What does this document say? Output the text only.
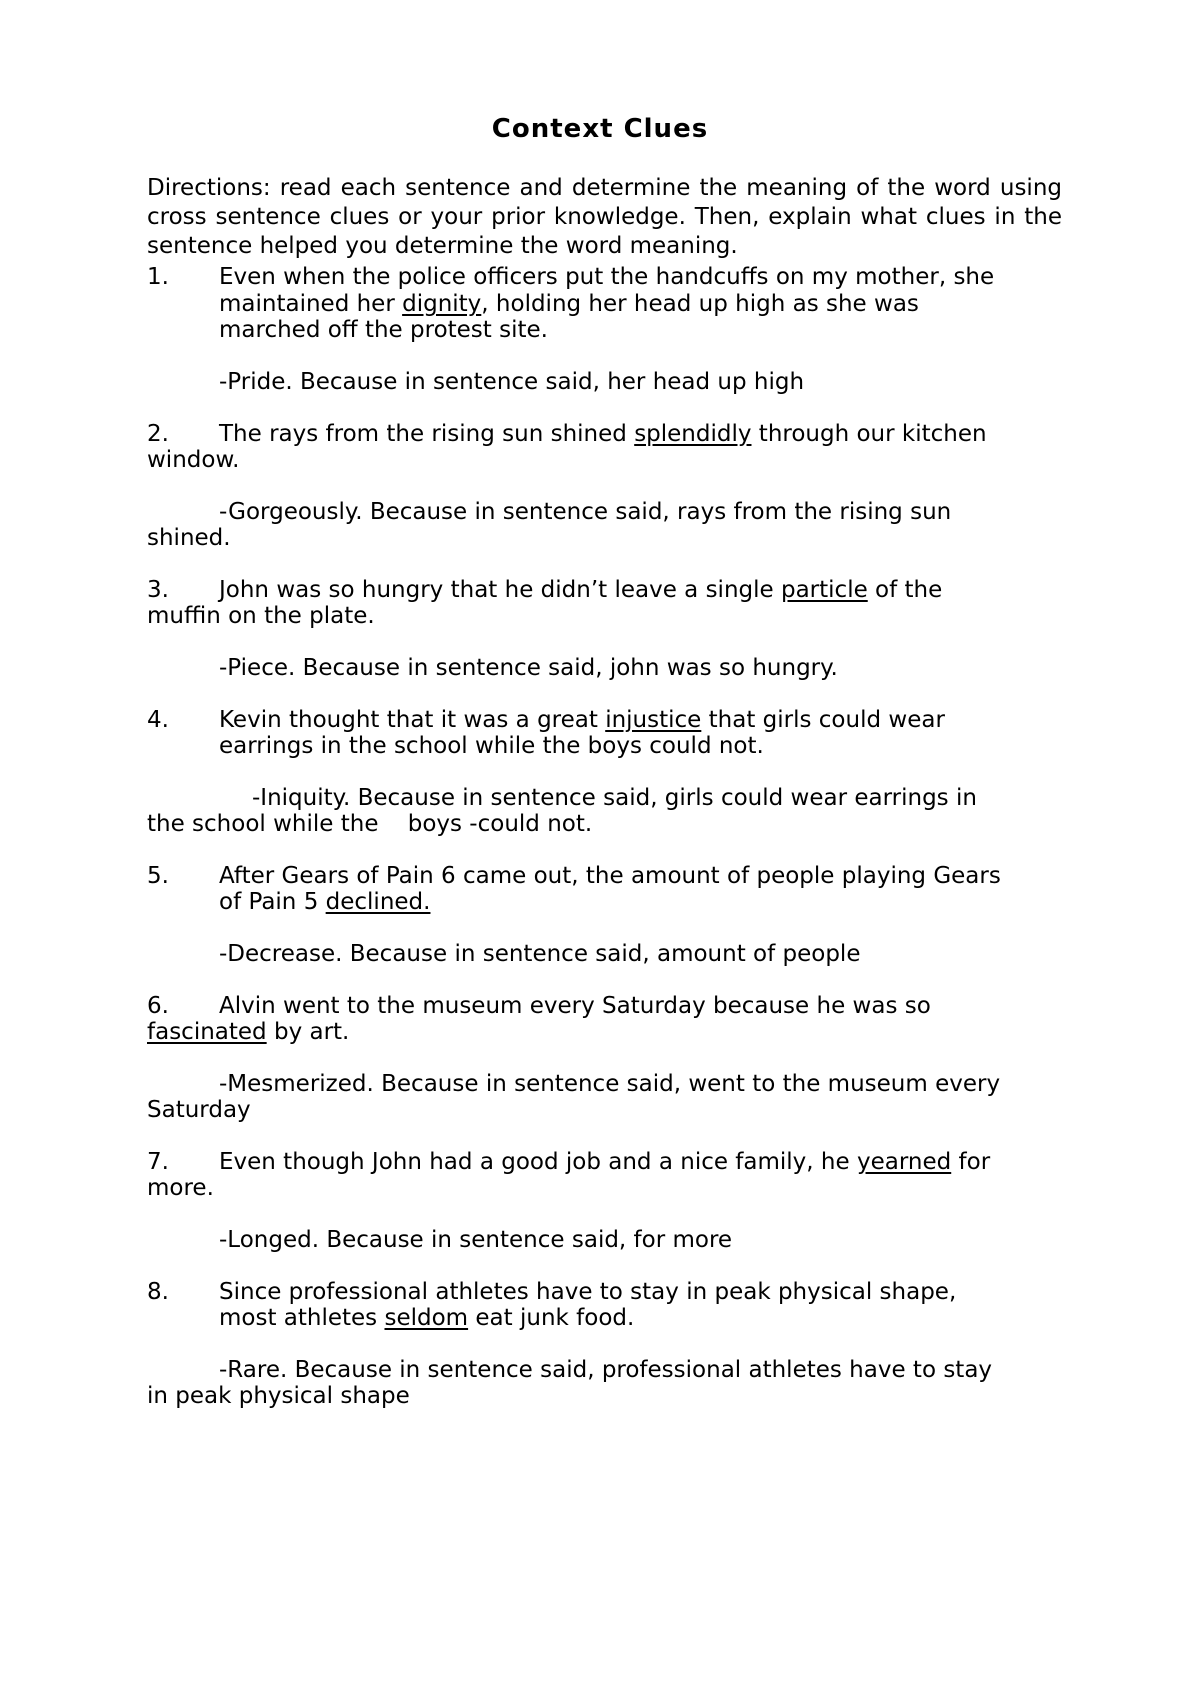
Context Clues

Directions: read each sentence and determine the meaning of the word using cross sentence clues or your prior knowledge. Then, explain what clues in the sentence helped you determine the word meaning.

1. Even when the police officers put the handcuffs on my mother, she
maintained her dignity, holding her head up high as she was
marched off the protest site.
-Pride. Because in sentence said, her head up high
2. The rays from the rising sun shined splendidly through our kitchen
window.
-Gorgeously. Because in sentence said, rays from the rising sun
shined.
3. John was so hungry that he didn’t leave a single particle of the
muffin on the plate.
-Piece. Because in sentence said, john was so hungry.
4. Kevin thought that it was a great injustice that girls could wear
earrings in the school while the boys could not.
-Iniquity. Because in sentence said, girls could wear earrings in
the school while the    boys -could not.
5. After Gears of Pain 6 came out, the amount of people playing Gears
of Pain 5 declined.
-Decrease. Because in sentence said, amount of people
6. Alvin went to the museum every Saturday because he was so
fascinated by art.
-Mesmerized. Because in sentence said, went to the museum every
Saturday
7. Even though John had a good job and a nice family, he yearned for
more.
-Longed. Because in sentence said, for more
8. Since professional athletes have to stay in peak physical shape,
most athletes seldom eat junk food.
-Rare. Because in sentence said, professional athletes have to stay
in peak physical shape
